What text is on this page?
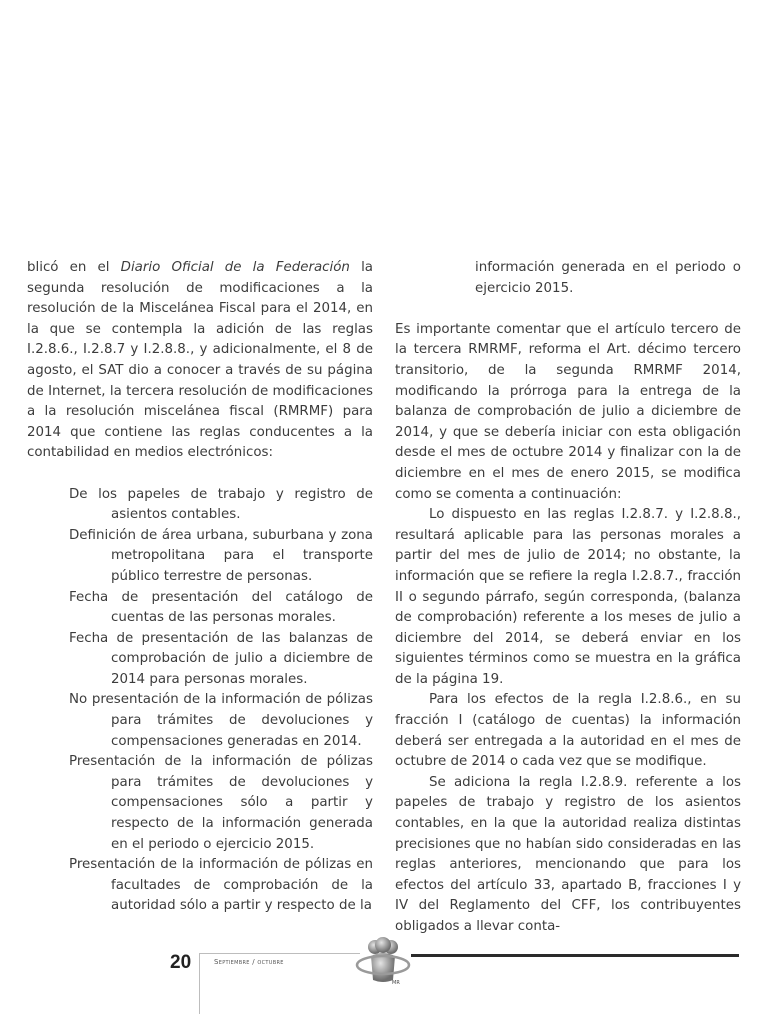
blicó en el Diario Oficial de la Federación la segunda resolución de modificaciones a la resolución de la Miscelánea Fiscal para el 2014, en la que se contempla la adición de las reglas I.2.8.6., I.2.8.7 y I.2.8.8., y adicionalmente, el 8 de agosto, el SAT dio a conocer a través de su página de Internet, la tercera resolución de modificaciones a la resolución miscelánea fiscal (RMRMF) para 2014 que contiene las reglas conducentes a la contabilidad en medios electrónicos:

De los papeles de trabajo y registro de asientos contables.

Definición de área urbana, suburbana y zona metropolitana para el transporte público terrestre de personas.

Fecha de presentación del catálogo de cuentas de las personas morales.

Fecha de presentación de las balanzas de comprobación de julio a diciembre de 2014 para personas morales.

No presentación de la información de pólizas para trámites de devoluciones y compensaciones generadas en 2014.

Presentación de la información de pólizas para trámites de devoluciones y compensaciones sólo a partir y respecto de la información generada en el periodo o ejercicio 2015.

Presentación de la información de pólizas en facultades de comprobación de la autoridad sólo a partir y respecto de la

información generada en el periodo o ejercicio 2015.

Es importante comentar que el artículo tercero de la tercera RMRMF, reforma el Art. décimo tercero transitorio, de la segunda RMRMF 2014, modificando la prórroga para la entrega de la balanza de comprobación de julio a diciembre de 2014, y que se debería iniciar con esta obligación desde el mes de octubre 2014 y finalizar con la de diciembre en el mes de enero 2015, se modifica como se comenta a continuación:

Lo dispuesto en las reglas I.2.8.7. y I.2.8.8., resultará aplicable para las personas morales a partir del mes de julio de 2014; no obstante, la información que se refiere la regla I.2.8.7., fracción II o segundo párrafo, según corresponda, (balanza de comprobación) referente a los meses de julio a diciembre del 2014, se deberá enviar en los siguientes términos como se muestra en la gráfica de la página 19.

Para los efectos de la regla I.2.8.6., en su fracción I (catálogo de cuentas) la información deberá ser entregada a la autoridad en el mes de octubre de 2014 o cada vez que se modifique.

Se adiciona la regla I.2.8.9. referente a los papeles de trabajo y registro de los asientos contables, en la que la autoridad realiza distintas precisiones que no habían sido consideradas en las reglas anteriores, mencionando que para los efectos del artículo 33, apartado B, fracciones I y IV del Reglamento del CFF, los contribuyentes obligados a llevar conta-

20	Septiembre / octubre
MR
